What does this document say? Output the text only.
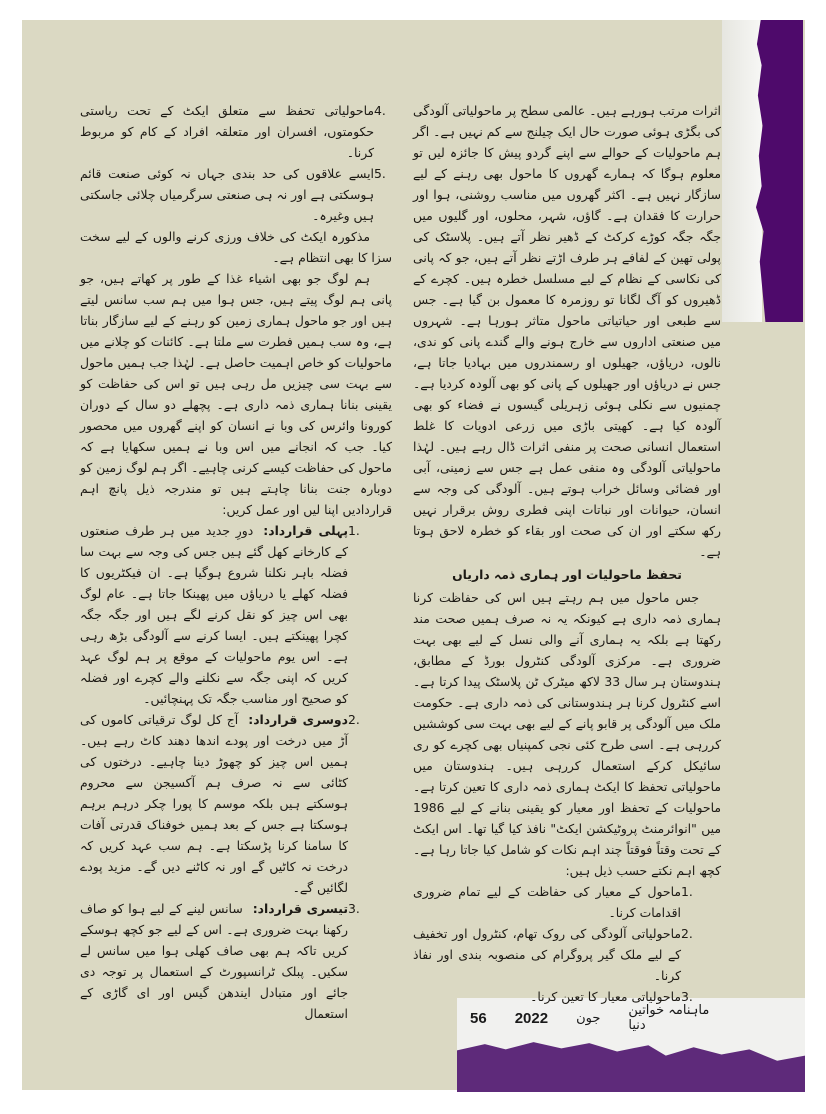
اثرات مرتب ہورہے ہیں۔ عالمی سطح پر ماحولیاتی آلودگی کی بگڑی ہوئی صورت حال ایک چیلنج سے کم نہیں ہے۔ اگر ہم ماحولیات کے حوالے سے اپنے گردو پیش کا جائزہ لیں تو معلوم ہوگا کہ ہمارے گھروں کا ماحول بھی رہنے کے لیے سازگار نہیں ہے۔ اکثر گھروں میں مناسب روشنی، ہوا اور حرارت کا فقدان ہے۔ گاؤں، شہر، محلوں، اور گلیوں میں جگہ جگہ کوڑے کرکٹ کے ڈھیر نظر آتے ہیں۔ پلاسٹک کی پولی تھین کے لفافے ہر طرف اڑتے نظر آتے ہیں، جو کہ پانی کی نکاسی کے نظام کے لیے مسلسل خطرہ ہیں۔ کچرے کے ڈھیروں کو آگ لگانا تو روزمرہ کا معمول بن گیا ہے۔ جس سے طبعی اور حیاتیاتی ماحول متاثر ہورہا ہے۔ شہروں میں صنعتی اداروں سے خارج ہونے والے گندے پانی کو ندی، نالوں، دریاؤں، جھیلوں او رسمندروں میں بہادیا جاتا ہے، جس نے دریاؤں اور جھیلوں کے پانی کو بھی آلودہ کردیا ہے۔ چمنیوں سے نکلی ہوئی زہریلی گیسوں نے فضاء کو بھی آلودہ کیا ہے۔ کھیتی باڑی میں زرعی ادویات کا غلط استعمال انسانی صحت پر منفی اثرات ڈال رہے ہیں۔ لہٰذا ماحولیاتی آلودگی وہ منفی عمل ہے جس سے زمینی، آبی اور فضائی وسائل خراب ہوتے ہیں۔ آلودگی کی وجہ سے انسان، حیوانات اور نباتات اپنی فطری روش برقرار نہیں رکھ سکتے اور ان کی صحت اور بقاء کو خطرہ لاحق ہوتا ہے۔

تحفظ ماحولیات اور ہماری ذمہ داریاں

جس ماحول میں ہم رہتے ہیں اس کی حفاظت کرنا ہماری ذمہ داری ہے کیونکہ یہ نہ صرف ہمیں صحت مند رکھتا ہے بلکہ یہ ہماری آنے والی نسل کے لیے بھی بہت ضروری ہے۔ مرکزی آلودگی کنٹرول بورڈ کے مطابق، ہندوستان ہر سال 33 لاکھ میٹرک ٹن پلاسٹک پیدا کرتا ہے۔ اسے کنٹرول کرنا ہر ہندوستانی کی ذمہ داری ہے۔ حکومت ملک میں آلودگی پر قابو پانے کے لیے بھی بہت سی کوششیں کررہی ہے۔ اسی طرح کئی نجی کمپنیاں بھی کچرے کو ری سائیکل کرکے استعمال کررہی ہیں۔ ہندوستان میں ماحولیاتی تحفظ کا ایکٹ ہماری ذمہ داری کا تعین کرتا ہے۔ ماحولیات کے تحفظ اور معیار کو یقینی بنانے کے لیے 1986 میں "انوائرمنٹ پروٹیکشن ایکٹ" نافذ کیا گیا تھا۔ اس ایکٹ کے تحت وقتاً فوقتاً چند اہم نکات کو شامل کیا جاتا رہا ہے۔ کچھ اہم نکتے حسب ذیل ہیں:

1.
ماحول کے معیار کی حفاظت کے لیے تمام ضروری اقدامات کرنا۔
2.
ماحولیاتی آلودگی کی روک تھام، کنٹرول اور تخفیف کے لیے ملک گیر پروگرام کی منصوبہ بندی اور نفاذ کرنا۔
3.
ماحولیاتی معیار کا تعین کرنا۔
4.
ماحولیاتی تحفظ سے متعلق ایکٹ کے تحت ریاستی حکومتوں، افسران اور متعلقہ افراد کے کام کو مربوط کرنا۔
5.
ایسے علاقوں کی حد بندی جہاں نہ کوئی صنعت قائم ہوسکتی ہے اور نہ ہی صنعتی سرگرمیاں چلائی جاسکتی ہیں وغیرہ۔

مذکورہ ایکٹ کی خلاف ورزی کرنے والوں کے لیے سخت سزا کا بھی انتظام ہے۔

ہم لوگ جو بھی اشیاء غذا کے طور پر کھاتے ہیں، جو پانی ہم لوگ پیتے ہیں، جس ہوا میں ہم سب سانس لیتے ہیں اور جو ماحول ہماری زمین کو رہنے کے لیے سازگار بناتا ہے، وہ سب ہمیں فطرت سے ملتا ہے۔ کائنات کو چلانے میں ماحولیات کو خاص اہمیت حاصل ہے۔ لہٰذا جب ہمیں ماحول سے بہت سی چیزیں مل رہی ہیں تو اس کی حفاظت کو یقینی بنانا ہماری ذمہ داری ہے۔ پچھلے دو سال کے دوران کورونا وائرس کی وبا نے انسان کو اپنے گھروں میں محصور کیا۔ جب کہ انجانے میں اس وبا نے ہمیں سکھایا ہے کہ ماحول کی حفاظت کیسے کرنی چاہیے۔ اگر ہم لوگ زمین کو دوبارہ جنت بنانا چاہتے ہیں تو مندرجہ ذیل پانچ اہم قراردادیں اپنا لیں اور عمل کریں:

1.
پہلی قرارداد:دورِ جدید میں ہر طرف صنعتوں کے کارخانے کھل گئے ہیں جس کی وجہ سے بہت سا فضلہ باہر نکلنا شروع ہوگیا ہے۔ ان فیکٹریوں کا فضلہ کھلے یا دریاؤں میں پھینکا جاتا ہے۔ عام لوگ بھی اس چیز کو نقل کرنے لگے ہیں اور جگہ جگہ کچرا پھینکتے ہیں۔ ایسا کرنے سے آلودگی بڑھ رہی ہے۔ اس یوم ماحولیات کے موقع پر ہم لوگ عہد کریں کہ اپنی جگہ سے نکلنے والے کچرے اور فضلہ کو صحیح اور مناسب جگہ تک پہنچائیں۔
2.
دوسری قرارداد:آج کل لوگ ترقیاتی کاموں کی آڑ میں درخت اور پودے اندھا دھند کاٹ رہے ہیں۔ ہمیں اس چیز کو چھوڑ دینا چاہیے۔ درختوں کی کٹائی سے نہ صرف ہم آکسیجن سے محروم ہوسکتے ہیں بلکہ موسم کا پورا چکر درہم برہم ہوسکتا ہے جس کے بعد ہمیں خوفناک قدرتی آفات کا سامنا کرنا پڑسکتا ہے۔ ہم سب عہد کریں کہ درخت نہ کاٹیں گے اور نہ کاٹنے دیں گے۔ مزید پودے لگائیں گے۔
3.
تیسری قرارداد:سانس لینے کے لیے ہوا کو صاف رکھنا بہت ضروری ہے۔ اس کے لیے جو کچھ ہوسکے کریں تاکہ ہم بھی صاف کھلی ہوا میں سانس لے سکیں۔ پبلک ٹرانسپورٹ کے استعمال پر توجہ دی جائے اور متبادل ایندھن گیس اور ای گاڑی کے استعمال	56 2022 جون ماہنامہ خواتین دنیا
